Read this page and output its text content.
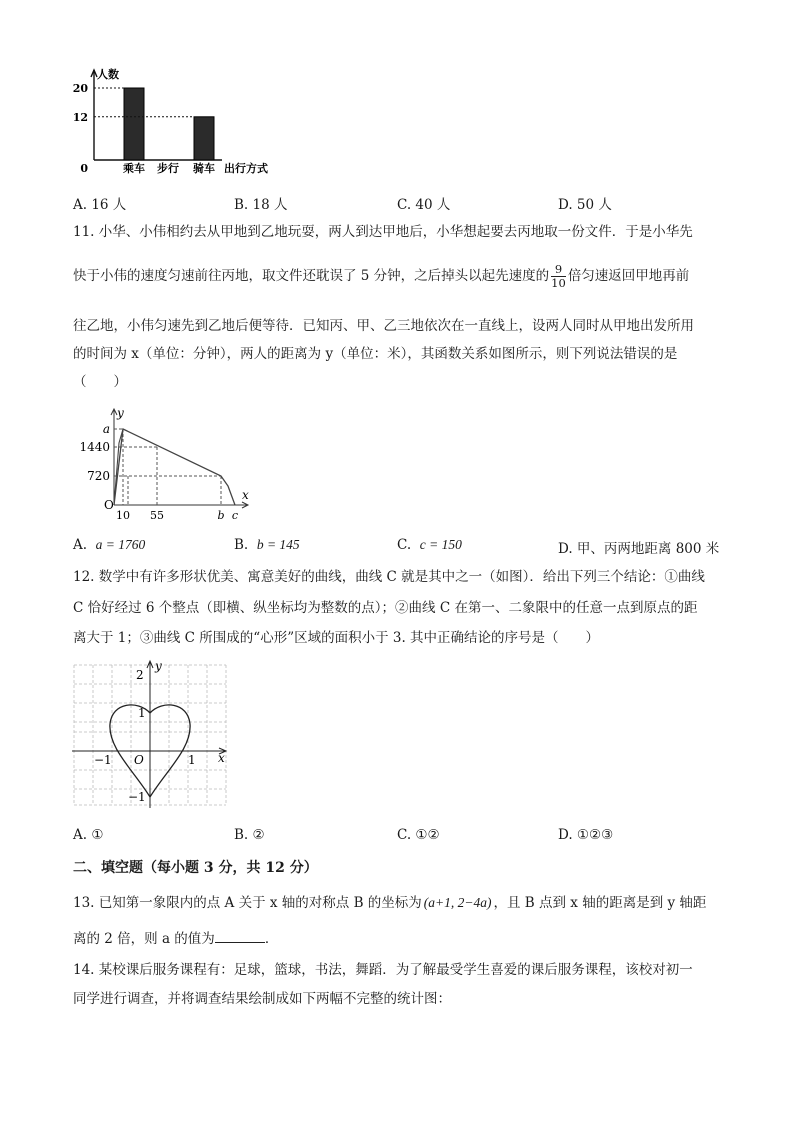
人数
出行方式
0	乘车
20
步行 骑车
12
A. 16 人	B. 18 人	C. 40 人	D. 50 人
11. 小华、小伟相约去从甲地到乙地玩耍，两人到达甲地后，小华想起要去丙地取一份文件．于是小华先
快于小伟的速度匀速前往丙地，取文件还耽误了 5 分钟，之后掉头以起先速度的 $\frac{9}{10}$ 倍匀速返回甲地再前
往乙地，小伟匀速先到乙地后便等待．已知丙、甲、乙三地依次在一直线上，设两人同时从甲地出发所用
的时间为 x（单位：分钟），两人的距离为 y（单位：米），其函数关系如图所示，则下列说法错误的是
（　　）
x
y
O
a
1440
720
10 55	b c
A. a = 1760	B. b = 145	C. c = 150	D. 甲、丙两地距离 800 米
12. 数学中有许多形状优美、寓意美好的曲线，曲线 C 就是其中之一（如图）．给出下列三个结论：①曲线
C 恰好经过 6 个整点（即横、纵坐标均为整数的点）；②曲线 C 在第一、二象限中的任意一点到原点的距
离大于 1；③曲线 C 所围成的“心形”区域的面积小于 3. 其中正确结论的序号是（　　）
y
x
O
2
1
−1	1
−1
A. ①	B. ②	C. ①②	D. ①②③
二、填空题（每小题 3 分，共 12 分）
13. 已知第一象限内的点 A 关于 x 轴的对称点 B 的坐标为 (a+1, 2−4a) ，且 B 点到 x 轴的距离是到 y 轴距
离的 2 倍，则 a 的值为	．
14. 某校课后服务课程有：足球，篮球，书法，舞蹈．为了解最受学生喜爱的课后服务课程，该校对初一
同学进行调查，并将调查结果绘制成如下两幅不完整的统计图：
